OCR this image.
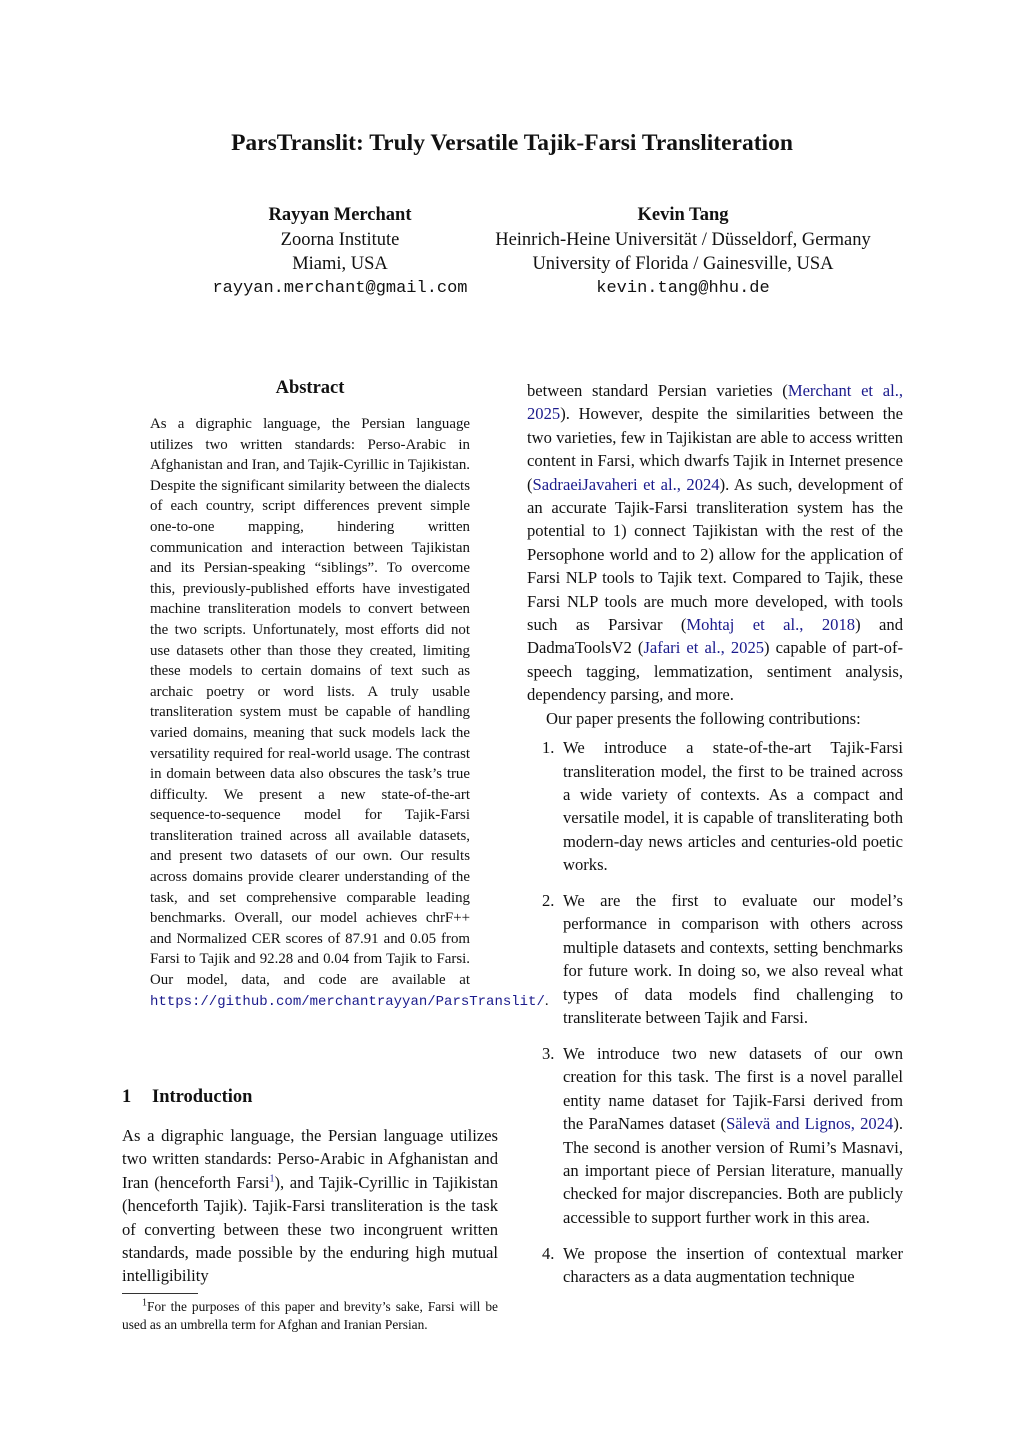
ParsTranslit: Truly Versatile Tajik-Farsi Transliteration
Rayyan Merchant
Zoorna Institute
Miami, USA
rayyan.merchant@gmail.com
Kevin Tang
Heinrich-Heine Universität / Düsseldorf, Germany
University of Florida / Gainesville, USA
kevin.tang@hhu.de
Abstract

As a digraphic language, the Persian language utilizes two written standards: Perso-Arabic in Afghanistan and Iran, and Tajik-Cyrillic in Tajikistan. Despite the significant similarity between the dialects of each country, script differences prevent simple one-to-one mapping, hindering written communication and interaction between Tajikistan and its Persian-speaking “siblings”. To overcome this, previously-published efforts have investigated machine transliteration models to convert between the two scripts. Unfortunately, most efforts did not use datasets other than those they created, limiting these models to certain domains of text such as archaic poetry or word lists. A truly usable transliteration system must be capable of handling varied domains, meaning that suck models lack the versatility required for real-world usage. The contrast in domain between data also obscures the task’s true difficulty. We present a new state-of-the-art sequence-to-sequence model for Tajik-Farsi transliteration trained across all available datasets, and present two datasets of our own. Our results across domains provide clearer understanding of the task, and set comprehensive comparable leading benchmarks. Overall, our model achieves chrF++ and Normalized CER scores of 87.91 and 0.05 from Farsi to Tajik and 92.28 and 0.04 from Tajik to Farsi. Our model, data, and code are available at https://github.com/merchantrayyan/ParsTranslit/.

1 Introduction

As a digraphic language, the Persian language utilizes two written standards: Perso-Arabic in Afghanistan and Iran (henceforth Farsi$^1$), and Tajik-Cyrillic in Tajikistan (henceforth Tajik). Tajik-Farsi transliteration is the task of converting between these two incongruent written standards, made possible by the enduring high mutual intelligibility

$^1$For the purposes of this paper and brevity’s sake, Farsi will be used as an umbrella term for Afghan and Iranian Persian.

between standard Persian varieties (Merchant et al., 2025). However, despite the similarities between the two varieties, few in Tajikistan are able to access written content in Farsi, which dwarfs Tajik in Internet presence (SadraeiJavaheri et al., 2024). As such, development of an accurate Tajik-Farsi transliteration system has the potential to 1) connect Tajikistan with the rest of the Persophone world and to 2) allow for the application of Farsi NLP tools to Tajik text. Compared to Tajik, these Farsi NLP tools are much more developed, with tools such as Parsivar (Mohtaj et al., 2018) and DadmaToolsV2 (Jafari et al., 2025) capable of part-of-speech tagging, lemmatization, sentiment analysis, dependency parsing, and more.

Our paper presents the following contributions:

1. We introduce a state-of-the-art Tajik-Farsi transliteration model, the first to be trained across a wide variety of contexts. As a compact and versatile model, it is capable of transliterating both modern-day news articles and centuries-old poetic works.
2. We are the first to evaluate our model’s performance in comparison with others across multiple datasets and contexts, setting benchmarks for future work. In doing so, we also reveal what types of data models find challenging to transliterate between Tajik and Farsi.
3. We introduce two new datasets of our own creation for this task. The first is a novel parallel entity name dataset for Tajik-Farsi derived from the ParaNames dataset (Sälevä and Lignos, 2024). The second is another version of Rumi’s Masnavi, an important piece of Persian literature, manually checked for major discrepancies. Both are publicly accessible to support further work in this area.
4. We propose the insertion of contextual marker characters as a data augmentation technique
